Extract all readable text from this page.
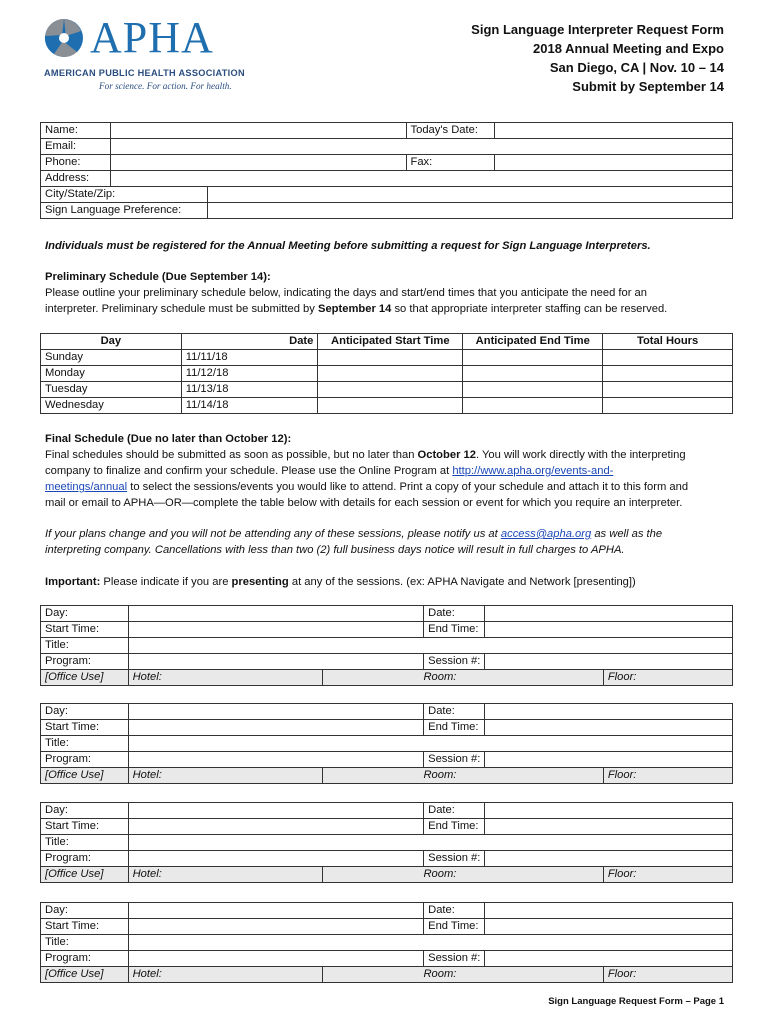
APHA
AMERICAN PUBLIC HEALTH ASSOCIATION
For science. For action. For health.
Sign Language Interpreter Request Form
2018 Annual Meeting and Expo
San Diego, CA | Nov. 10 – 14
Submit by September 14
Name:			Today's Date:	
Email:				
Phone:			Fax:	
Address:				
City/State/Zip:				
Sign Language Preference:				
Individuals must be registered for the Annual Meeting before submitting a request for Sign Language Interpreters.
Preliminary Schedule (Due September 14):
Please outline your preliminary schedule below, indicating the days and start/end times that you anticipate the need for an
interpreter. Preliminary schedule must be submitted by September 14 so that appropriate interpreter staffing can be reserved.
Day	Date	Anticipated Start Time	Anticipated End Time	Total Hours
Sunday	11/11/18			
Monday	11/12/18			
Tuesday	11/13/18			
Wednesday	11/14/18			
Final Schedule (Due no later than October 12):
Final schedules should be submitted as soon as possible, but no later than October 12. You will work directly with the interpreting
company to finalize and confirm your schedule. Please use the Online Program at http://www.apha.org/events-and-
meetings/annual to select the sessions/events you would like to attend. Print a copy of your schedule and attach it to this form and
mail or email to APHA—OR—complete the table below with details for each session or event for which you require an interpreter.
If your plans change and you will not be attending any of these sessions, please notify us at access@apha.org as well as the
interpreting company. Cancellations with less than two (2) full business days notice will result in full charges to APHA.
Important: Please indicate if you are presenting at any of the sessions. (ex: APHA Navigate and Network [presenting])
Day:			Date:		
Start Time:			End Time:		
Title:					
Program:			Session #:		
[Office Use]	Hotel:	Room:			Floor:
Day:			Date:		
Start Time:			End Time:		
Title:					
Program:			Session #:		
[Office Use]	Hotel:	Room:			Floor:
Day:			Date:		
Start Time:			End Time:		
Title:					
Program:			Session #:		
[Office Use]	Hotel:	Room:			Floor:
Day:			Date:		
Start Time:			End Time:		
Title:					
Program:			Session #:		
[Office Use]	Hotel:	Room:			Floor:
Sign Language Request Form – Page 1
